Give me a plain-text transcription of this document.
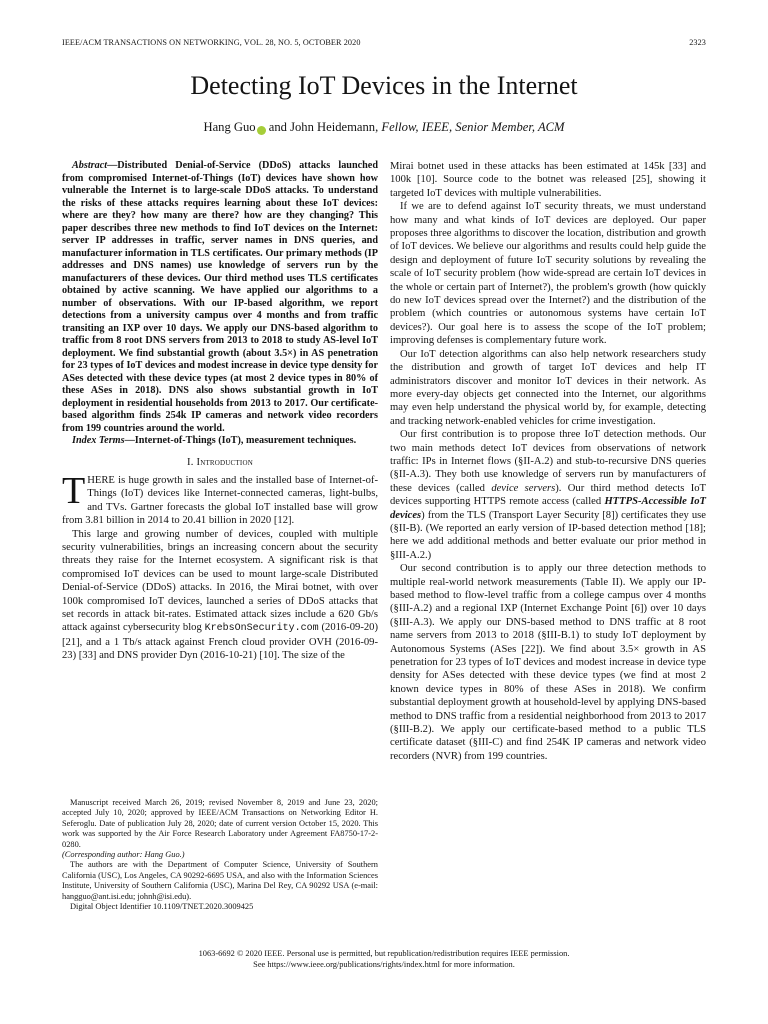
IEEE/ACM TRANSACTIONS ON NETWORKING, VOL. 28, NO. 5, OCTOBER 2020	2323
Detecting IoT Devices in the Internet
Hang Guo and John Heidemann, Fellow, IEEE, Senior Member, ACM

Abstract—Distributed Denial-of-Service (DDoS) attacks launched from compromised Internet-of-Things (IoT) devices have shown how vulnerable the Internet is to large-scale DDoS attacks. To understand the risks of these attacks requires learning about these IoT devices: where are they? how many are there? how are they changing? This paper describes three new methods to find IoT devices on the Internet: server IP addresses in traffic, server names in DNS queries, and manufacturer information in TLS certificates. Our primary methods (IP addresses and DNS names) use knowledge of servers run by the manufacturers of these devices. Our third method uses TLS certificates obtained by active scanning. We have applied our algorithms to a number of observations. With our IP-based algorithm, we report detections from a university campus over 4 months and from traffic transiting an IXP over 10 days. We apply our DNS-based algorithm to traffic from 8 root DNS servers from 2013 to 2018 to study AS-level IoT deployment. We find substantial growth (about 3.5×) in AS penetration for 23 types of IoT devices and modest increase in device type density for ASes detected with these device types (at most 2 device types in 80% of these ASes in 2018). DNS also shows substantial growth in IoT deployment in residential households from 2013 to 2017. Our certificate-based algorithm finds 254k IP cameras and network video recorders from 199 countries around the world.

Index Terms—Internet-of-Things (IoT), measurement techniques.

I. Introduction

THERE is huge growth in sales and the installed base of Internet-of-Things (IoT) devices like Internet-connected cameras, light-bulbs, and TVs. Gartner forecasts the global IoT installed base will grow from 3.81 billion in 2014 to 20.41 billion in 2020 [12].

This large and growing number of devices, coupled with multiple security vulnerabilities, brings an increasing concern about the security threats they raise for the Internet ecosystem. A significant risk is that compromised IoT devices can be used to mount large-scale Distributed Denial-of-Service (DDoS) attacks. In 2016, the Mirai botnet, with over 100k compromised IoT devices, launched a series of DDoS attacks that set records in attack bit-rates. Estimated attack sizes include a 620 Gb/s attack against cybersecurity blog KrebsOnSecurity.com (2016-09-20) [21], and a 1 Tb/s attack against French cloud provider OVH (2016-09-23) [33] and DNS provider Dyn (2016-10-21) [10]. The size of the

Manuscript received March 26, 2019; revised November 8, 2019 and June 23, 2020; accepted July 10, 2020; approved by IEEE/ACM Transactions on Networking Editor H. Seferoglu. Date of publication July 28, 2020; date of current version October 15, 2020. This work was supported by the Air Force Research Laboratory under Agreement FA8750-17-2-0280.

(Corresponding author: Hang Guo.)

The authors are with the Department of Computer Science, University of Southern California (USC), Los Angeles, CA 90292-6695 USA, and also with the Information Sciences Institute, University of Southern California (USC), Marina Del Rey, CA 90292 USA (e-mail: hangguo@ant.isi.edu; johnh@isi.edu).

Digital Object Identifier 10.1109/TNET.2020.3009425

Mirai botnet used in these attacks has been estimated at 145k [33] and 100k [10]. Source code to the botnet was released [25], showing it targeted IoT devices with multiple vulnerabilities.

If we are to defend against IoT security threats, we must understand how many and what kinds of IoT devices are deployed. Our paper proposes three algorithms to discover the location, distribution and growth of IoT devices. We believe our algorithms and results could help guide the design and deployment of future IoT security solutions by revealing the scale of IoT security problem (how wide-spread are certain IoT devices in the whole or certain part of Internet?), the problem's growth (how quickly do new IoT devices spread over the Internet?) and the distribution of the problem (which countries or autonomous systems have certain IoT devices?). Our goal here is to assess the scope of the IoT problem; improving defenses is complementary future work.

Our IoT detection algorithms can also help network researchers study the distribution and growth of target IoT devices and help IT administrators discover and monitor IoT devices in their network. As more every-day objects get connected into the Internet, our algorithms may even help understand the physical world by, for example, detecting and tracking network-enabled vehicles for crime investigation.

Our first contribution is to propose three IoT detection methods. Our two main methods detect IoT devices from observations of network traffic: IPs in Internet flows (§II-A.2) and stub-to-recursive DNS queries (§II-A.3). They both use knowledge of servers run by manufacturers of these devices (called device servers). Our third method detects IoT devices supporting HTTPS remote access (called HTTPS-Accessible IoT devices) from the TLS (Transport Layer Security [8]) certificates they use (§II-B). (We reported an early version of IP-based detection method [18]; here we add additional methods and better evaluate our prior method in §III-A.2.)

Our second contribution is to apply our three detection methods to multiple real-world network measurements (Table II). We apply our IP-based method to flow-level traffic from a college campus over 4 months (§III-A.2) and a regional IXP (Internet Exchange Point [6]) over 10 days (§III-A.3). We apply our DNS-based method to DNS traffic at 8 root name servers from 2013 to 2018 (§III-B.1) to study IoT deployment by Autonomous Systems (ASes [22]). We find about 3.5× growth in AS penetration for 23 types of IoT devices and modest increase in device type density for ASes detected with these device types (we find at most 2 known device types in 80% of these ASes in 2018). We confirm substantial deployment growth at household-level by applying DNS-based method to DNS traffic from a residential neighborhood from 2013 to 2017 (§III-B.2). We apply our certificate-based method to a public TLS certificate dataset (§III-C) and find 254K IP cameras and network video recorders (NVR) from 199 countries.

1063-6692 © 2020 IEEE. Personal use is permitted, but republication/redistribution requires IEEE permission.
See https://www.ieee.org/publications/rights/index.html for more information.
